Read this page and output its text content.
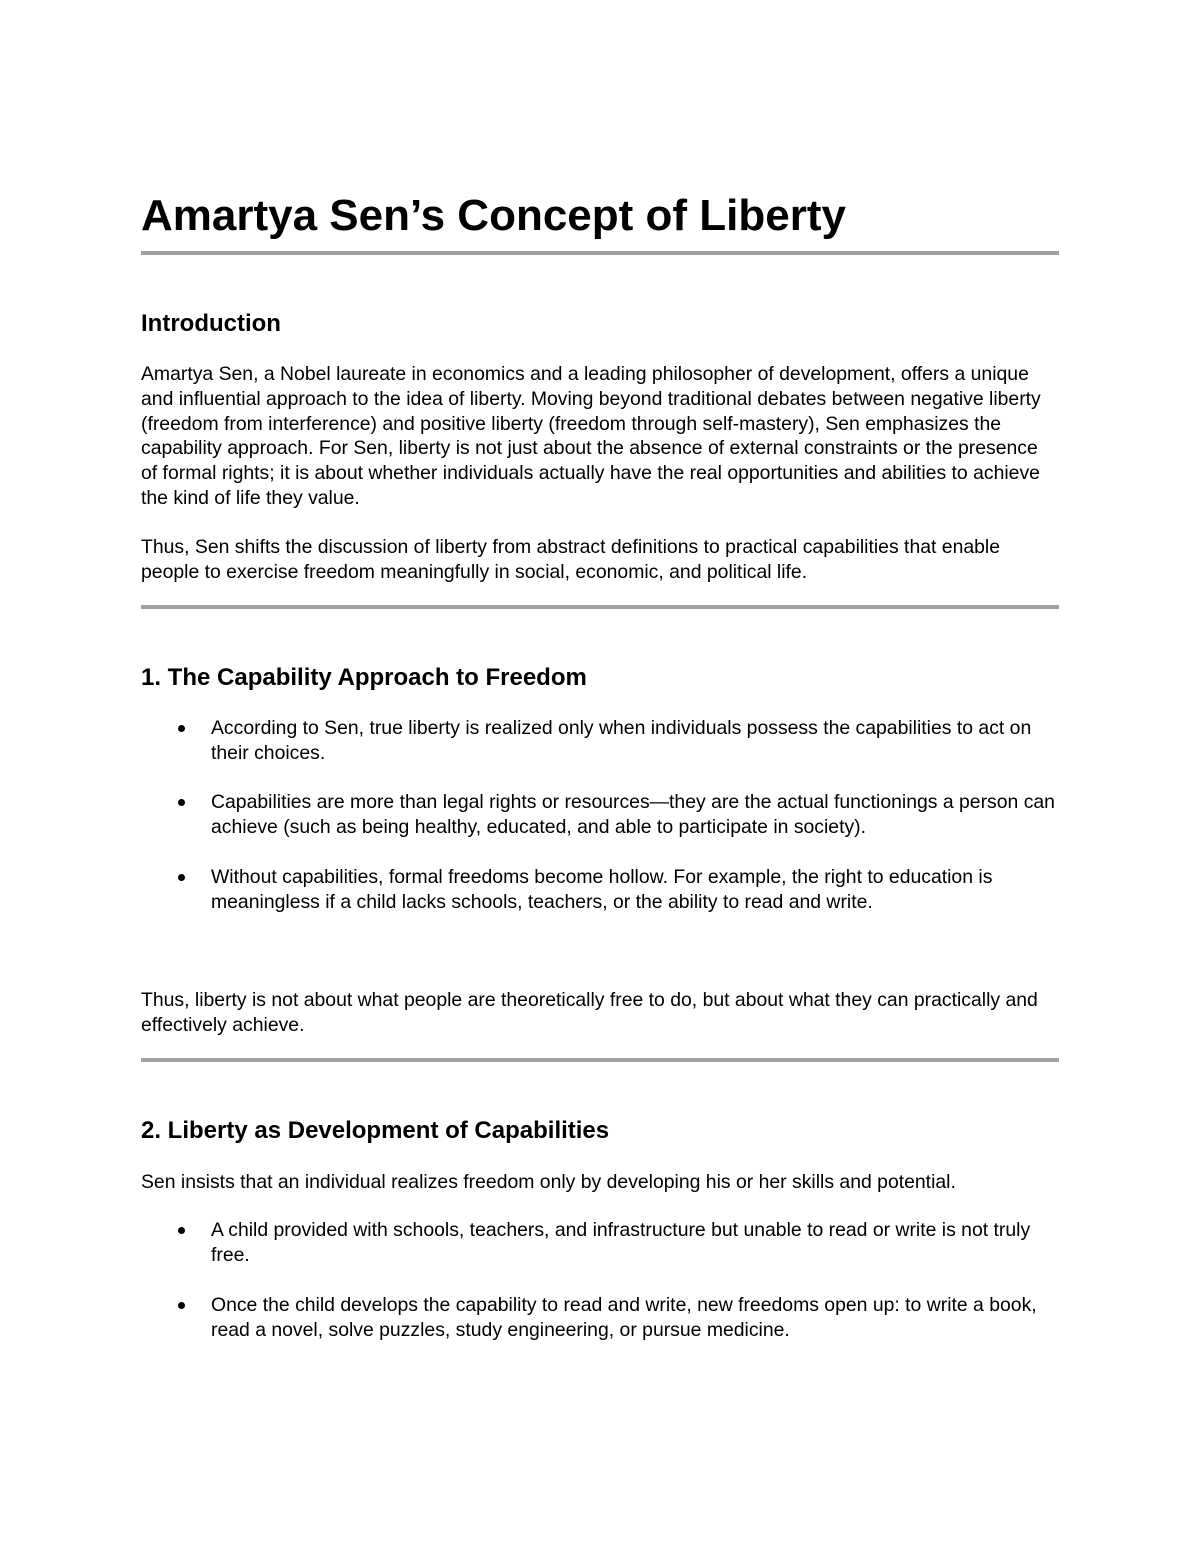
Amartya Sen’s Concept of Liberty
Introduction

Amartya Sen, a Nobel laureate in economics and a leading philosopher of development, offers a unique and influential approach to the idea of liberty. Moving beyond traditional debates between negative liberty (freedom from interference) and positive liberty (freedom through self-mastery), Sen emphasizes the capability approach. For Sen, liberty is not just about the absence of external constraints or the presence of formal rights; it is about whether individuals actually have the real opportunities and abilities to achieve the kind of life they value.

Thus, Sen shifts the discussion of liberty from abstract definitions to practical capabilities that enable people to exercise freedom meaningfully in social, economic, and political life.

1. The Capability Approach to Freedom

According to Sen, true liberty is realized only when individuals possess the capabilities to act on their choices.

Capabilities are more than legal rights or resources—they are the actual functionings a person can achieve (such as being healthy, educated, and able to participate in society).

Without capabilities, formal freedoms become hollow. For example, the right to education is meaningless if a child lacks schools, teachers, or the ability to read and write.

Thus, liberty is not about what people are theoretically free to do, but about what they can practically and effectively achieve.

2. Liberty as Development of Capabilities

Sen insists that an individual realizes freedom only by developing his or her skills and potential.

A child provided with schools, teachers, and infrastructure but unable to read or write is not truly free.

Once the child develops the capability to read and write, new freedoms open up: to write a book, read a novel, solve puzzles, study engineering, or pursue medicine.
